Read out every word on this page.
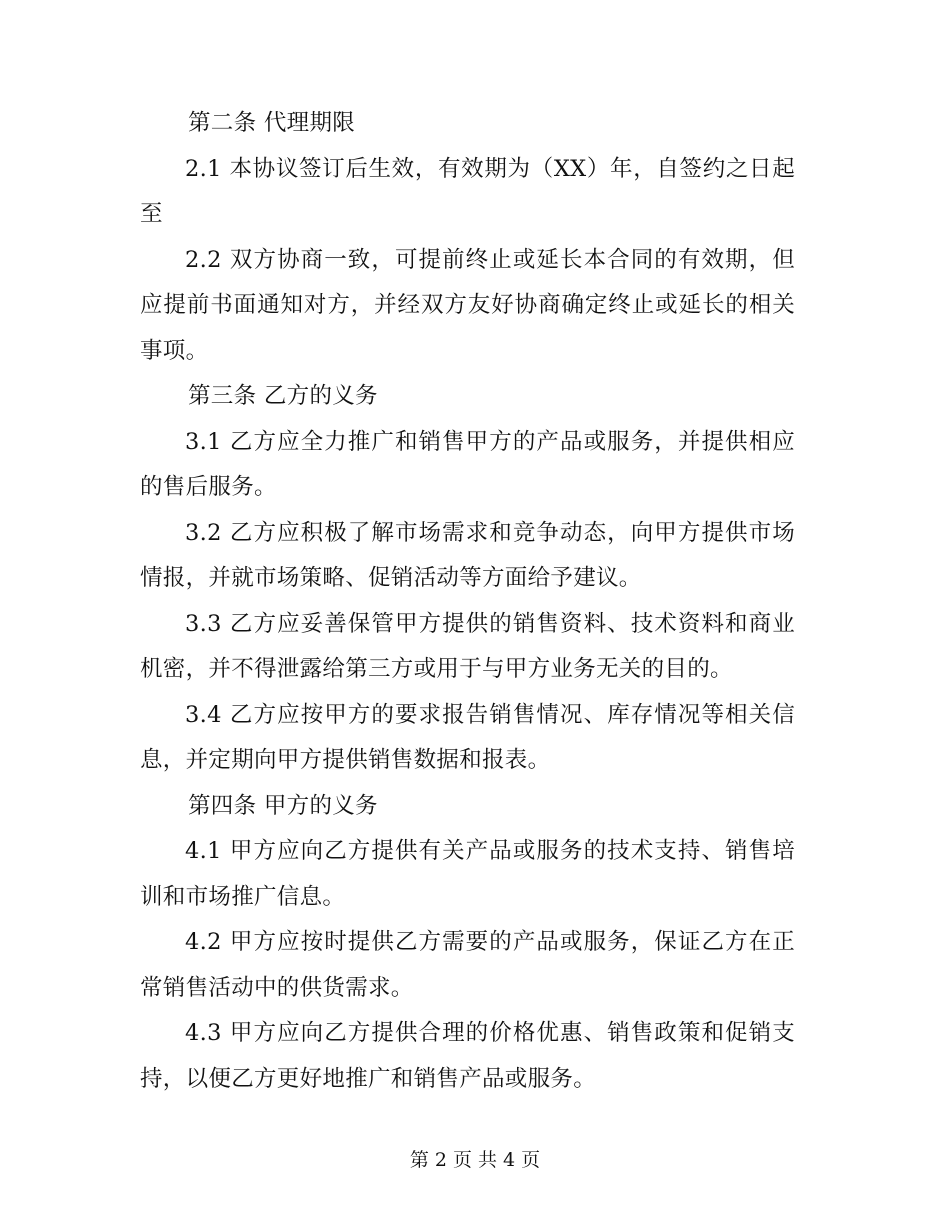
第二条 代理期限

2.1 本协议签订后生效，有效期为（XX）年，自签约之日起至

2.2 双方协商一致，可提前终止或延长本合同的有效期，但应提前书面通知对方，并经双方友好协商确定终止或延长的相关事项。

第三条 乙方的义务

3.1 乙方应全力推广和销售甲方的产品或服务，并提供相应的售后服务。

3.2 乙方应积极了解市场需求和竞争动态，向甲方提供市场情报，并就市场策略、促销活动等方面给予建议。

3.3 乙方应妥善保管甲方提供的销售资料、技术资料和商业机密，并不得泄露给第三方或用于与甲方业务无关的目的。

3.4 乙方应按甲方的要求报告销售情况、库存情况等相关信息，并定期向甲方提供销售数据和报表。

第四条 甲方的义务

4.1 甲方应向乙方提供有关产品或服务的技术支持、销售培训和市场推广信息。

4.2 甲方应按时提供乙方需要的产品或服务，保证乙方在正常销售活动中的供货需求。

4.3 甲方应向乙方提供合理的价格优惠、销售政策和促销支持，以便乙方更好地推广和销售产品或服务。

第 2 页 共 4 页
